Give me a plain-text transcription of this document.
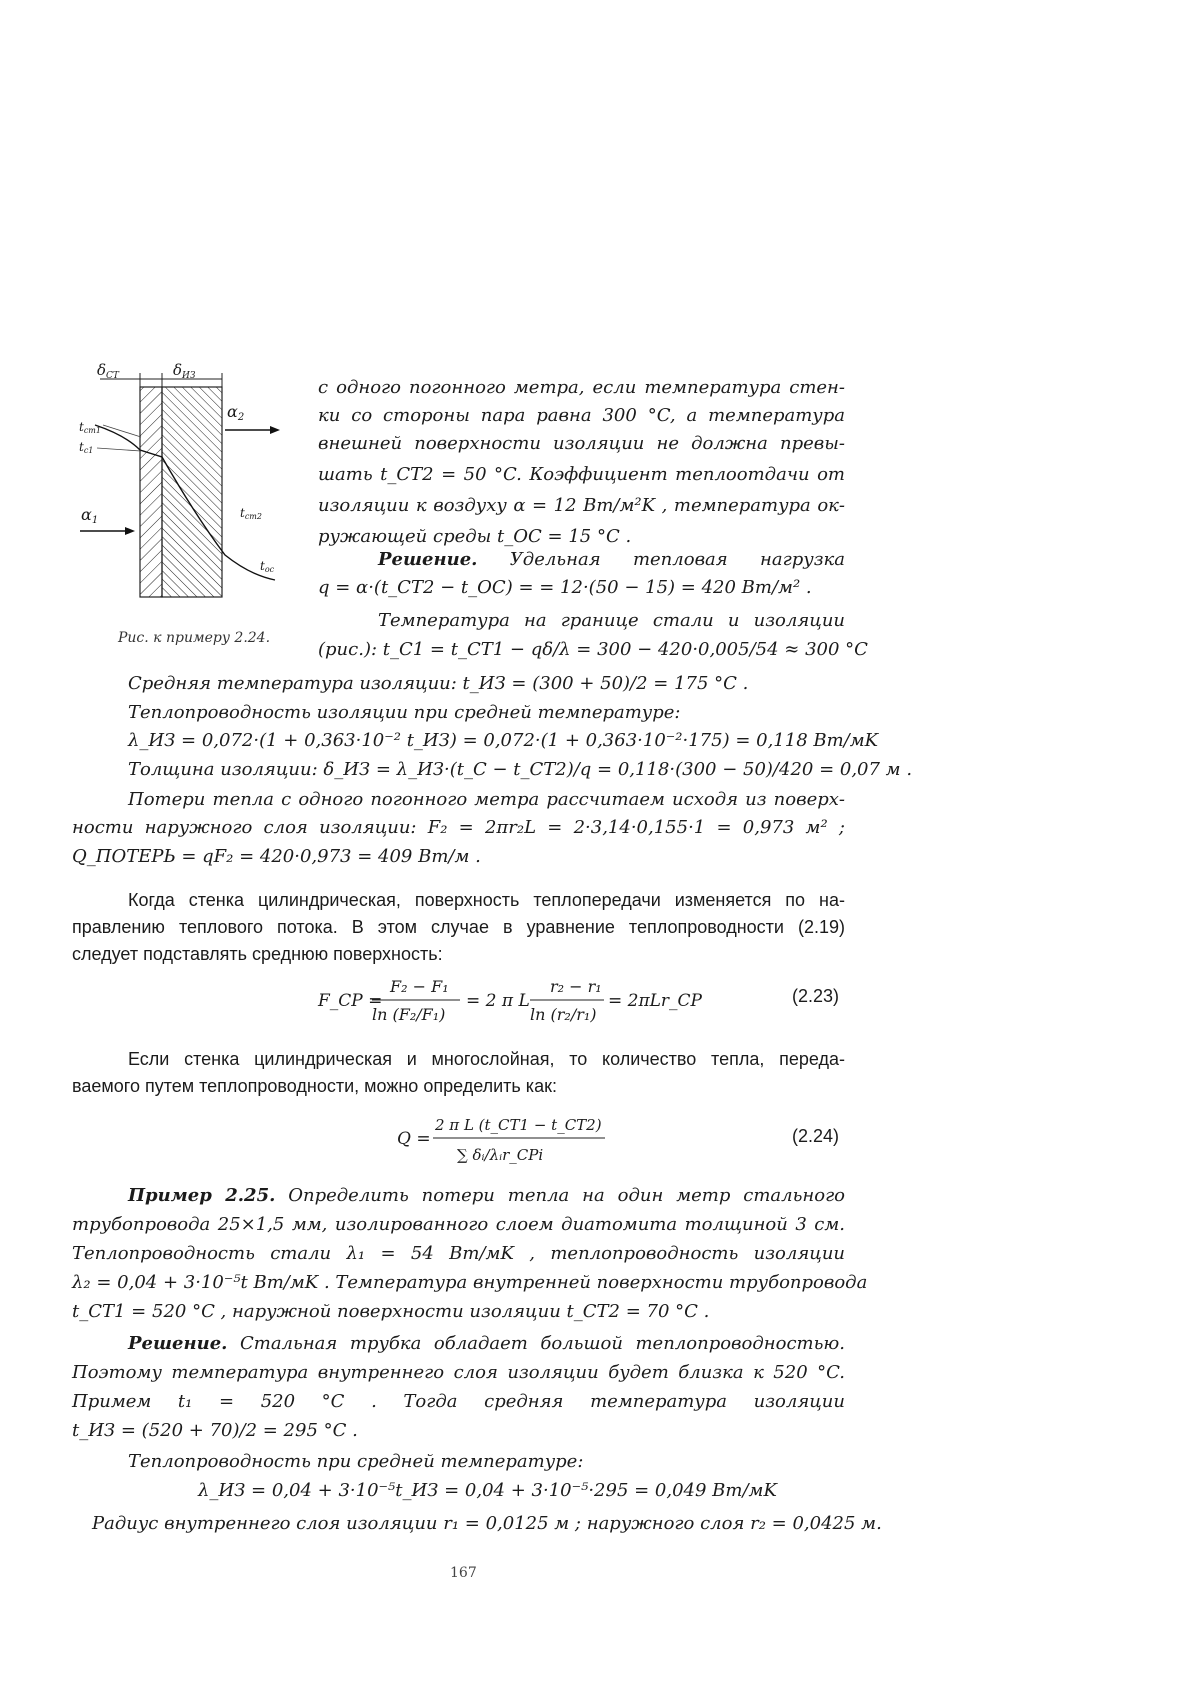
$\delta_{СТ}$	$\delta_{ИЗ}$
α2
α1
tcm1
tc1
tcm2
toc
Рис. к примеру 2.24.
с одного погонного метра, если температура стен-
ки со стороны пара равна 300 °C, а температура
внешней поверхности изоляции не должна превы-
шать t_СТ2 = 50 °C. Коэффициент теплоотдачи от
изоляции к воздуху α = 12 Вт/м²K , температура ок-
ружающей среды t_ОС = 15 °C .
Решение. Удельная тепловая нагрузка
q = α·(t_СТ2 − t_ОС) = = 12·(50 − 15) = 420 Вт/м² .
Температура на границе стали и изоляции
(рис.): t_С1 = t_СТ1 − qδ/λ = 300 − 420·0,005/54 ≈ 300 °C
Средняя температура изоляции: t_ИЗ = (300 + 50)/2 = 175 °C .
Теплопроводность изоляции при средней температуре:
λ_ИЗ = 0,072·(1 + 0,363·10⁻² t_ИЗ) = 0,072·(1 + 0,363·10⁻²·175) = 0,118 Вт/мK
Толщина изоляции: δ_ИЗ = λ_ИЗ·(t_С − t_СТ2)/q = 0,118·(300 − 50)/420 = 0,07 м .
Потери тепла с одного погонного метра рассчитаем исходя из поверх-
ности наружного слоя изоляции: F₂ = 2πr₂L = 2·3,14·0,155·1 = 0,973 м² ;
Q_ПОТЕРЬ = qF₂ = 420·0,973 = 409 Вт/м .
Когда стенка цилиндрическая, поверхность теплопередачи изменяется по на-
правлению теплового потока. В этом случае в уравнение теплопроводности (2.19)
следует подставлять среднюю поверхность:
F_CP =
F₂ − F₁
ln (F₂/F₁)
= 2 π L
r₂ − r₁
ln (r₂/r₁)
= 2πLr_CP	(2.23)
Если стенка цилиндрическая и многослойная, то количество тепла, переда-
ваемого путем теплопроводности, можно определить как:
Q =
2 π L (t_СТ1 − t_СТ2)
∑ δᵢ/λᵢr_CPi
(2.24)
Пример 2.25. Определить потери тепла на один метр стального
трубопровода 25×1,5 мм, изолированного слоем диатомита толщиной 3 см.
Теплопроводность стали λ₁ = 54 Вт/мK , теплопроводность изоляции
λ₂ = 0,04 + 3·10⁻⁵t Вт/мK . Температура внутренней поверхности трубопровода
t_СТ1 = 520 °C , наружной поверхности изоляции t_СТ2 = 70 °C .
Решение. Стальная трубка обладает большой теплопроводностью.
Поэтому температура внутреннего слоя изоляции будет близка к 520 °C.
Примем t₁ = 520 °C . Тогда средняя температура изоляции
t_ИЗ = (520 + 70)/2 = 295 °C .
Теплопроводность при средней температуре:
λ_ИЗ = 0,04 + 3·10⁻⁵t_ИЗ = 0,04 + 3·10⁻⁵·295 = 0,049 Вт/мK
Радиус внутреннего слоя изоляции r₁ = 0,0125 м ; наружного слоя r₂ = 0,0425 м.
167
